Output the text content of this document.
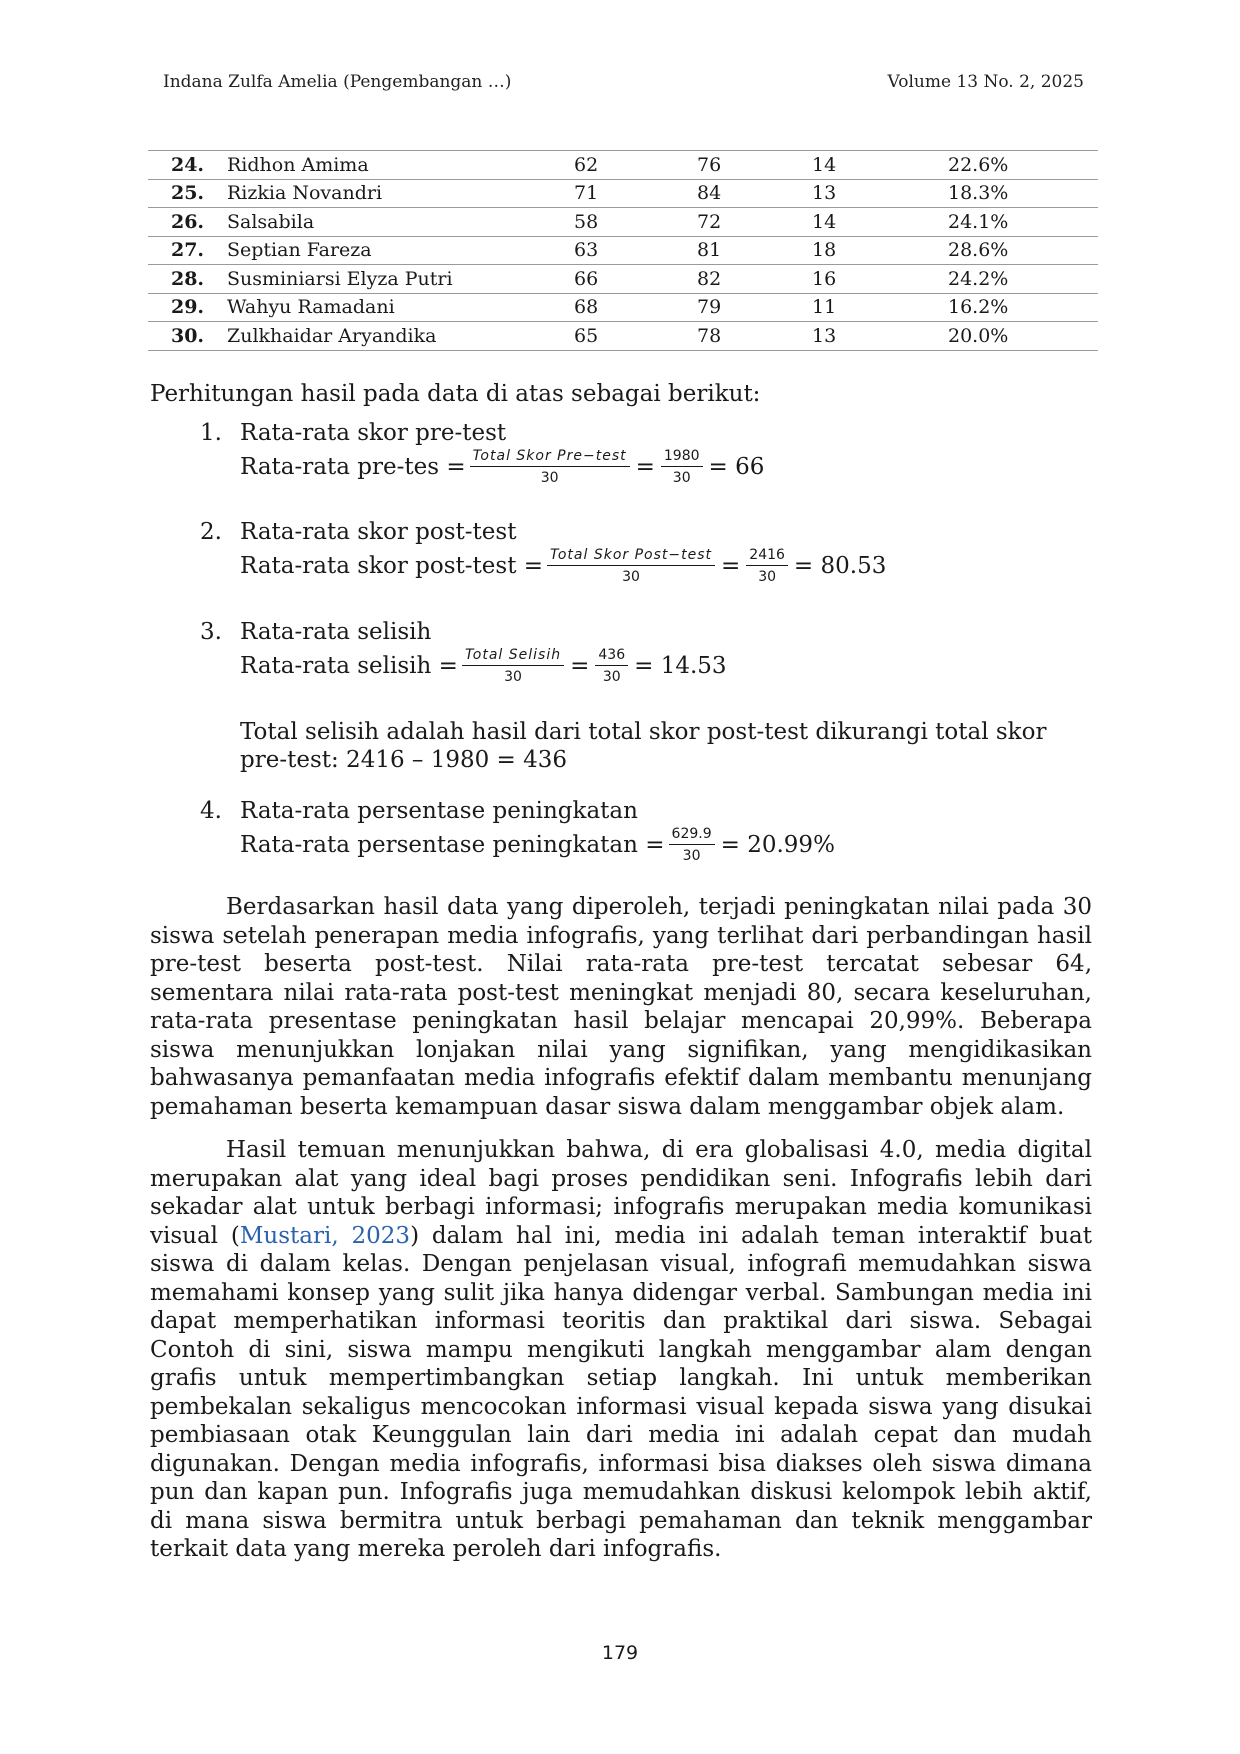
Indana Zulfa Amelia (Pengembangan …)	Volume 13 No. 2, 2025
24.	Ridhon Amima	62	76	14	22.6%
25.	Rizkia Novandri	71	84	13	18.3%
26.	Salsabila	58	72	14	24.1%
27.	Septian Fareza	63	81	18	28.6%
28.	Susminiarsi Elyza Putri	66	82	16	24.2%
29.	Wahyu Ramadani	68	79	11	16.2%
30.	Zulkhaidar Aryandika	65	78	13	20.0%
Perhitungan hasil pada data di atas sebagai berikut:
1. Rata-rata skor pre-test
Rata-rata $pre-tes = \frac{\text{Total Skor Pre−test}}{30} = \frac{1980}{30} = 66$
2. Rata-rata skor post-test
Rata-rata skor post-test = $\frac{\text{Total Skor Post−test}}{30} = \frac{2416}{30} = 80.53$
3. Rata-rata selisih
Rata-rata selisih = $\frac{\text{Total Selisih}}{30} = \frac{436}{30} = 14.53$
Total selisih adalah hasil dari total skor post-test dikurangi total skor pre-test: 2416 – 1980 = 436
4. Rata-rata persentase peningkatan
Rata-rata persentase peningkatan = $\frac{629.9}{30} = 20.99\%$

Berdasarkan hasil data yang diperoleh, terjadi peningkatan nilai pada 30 siswa setelah penerapan media infografis, yang terlihat dari perbandingan hasil pre-test beserta post-test. Nilai rata-rata pre-test tercatat sebesar 64, sementara nilai rata-rata post-test meningkat menjadi 80, secara keseluruhan, rata-rata presentase peningkatan hasil belajar mencapai 20,99%. Beberapa siswa menunjukkan lonjakan nilai yang signifikan, yang mengidikasikan bahwasanya pemanfaatan media infografis efektif dalam membantu menunjang pemahaman beserta kemampuan dasar siswa dalam menggambar objek alam.

Hasil temuan menunjukkan bahwa, di era globalisasi 4.0, media digital merupakan alat yang ideal bagi proses pendidikan seni. Infografis lebih dari sekadar alat untuk berbagi informasi; infografis merupakan media komunikasi visual (Mustari, 2023) dalam hal ini, media ini adalah teman interaktif buat siswa di dalam kelas. Dengan penjelasan visual, infografi memudahkan siswa memahami konsep yang sulit jika hanya didengar verbal. Sambungan media ini dapat memperhatikan informasi teoritis dan praktikal dari siswa. Sebagai Contoh di sini, siswa mampu mengikuti langkah menggambar alam dengan grafis untuk mempertimbangkan setiap langkah. Ini untuk memberikan pembekalan sekaligus mencocokan informasi visual kepada siswa yang disukai pembiasaan otak Keunggulan lain dari media ini adalah cepat dan mudah digunakan. Dengan media infografis, informasi bisa diakses oleh siswa dimana pun dan kapan pun. Infografis juga memudahkan diskusi kelompok lebih aktif, di mana siswa bermitra untuk berbagi pemahaman dan teknik menggambar terkait data yang mereka peroleh dari infografis.

179
